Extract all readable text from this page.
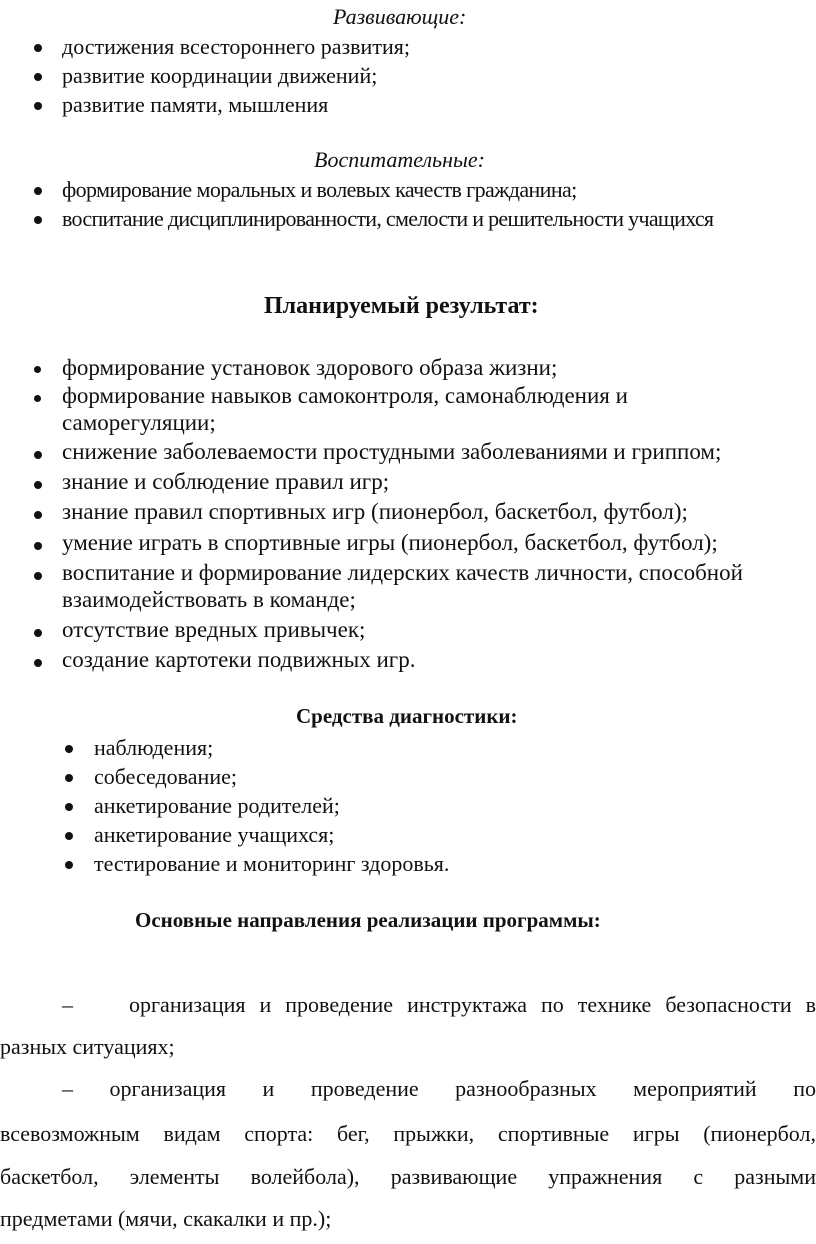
Развивающие:
достижения всестороннего развития;
развитие координации движений;
развитие памяти, мышления
Воспитательные:
формирование моральных и волевых качеств гражданина;
воспитание дисциплинированности, смелости и решительности учащихся
Планируемый результат:
формирование установок здорового образа жизни;
формирование навыков самоконтроля, самонаблюдения и
саморегуляции;
снижение заболеваемости простудными заболеваниями и гриппом;
знание и соблюдение правил игр;
знание правил спортивных игр (пионербол, баскетбол, футбол);
умение играть в спортивные игры (пионербол, баскетбол, футбол);
воспитание и формирование лидерских качеств личности, способной
взаимодействовать в команде;
отсутствие вредных привычек;
создание картотеки подвижных игр.
Средства диагностики:
наблюдения;
собеседование;
анкетирование родителей;
анкетирование учащихся;
тестирование и мониторинг здоровья.
Основные направления реализации программы:
–    организация и проведение инструктажа по технике безопасности в
разных ситуациях;
– организация и проведение разнообразных мероприятий по
всевозможным видам спорта: бег, прыжки, спортивные игры (пионербол,
баскетбол, элементы волейбола), развивающие упражнения с разными
предметами (мячи, скакалки и пр.);
